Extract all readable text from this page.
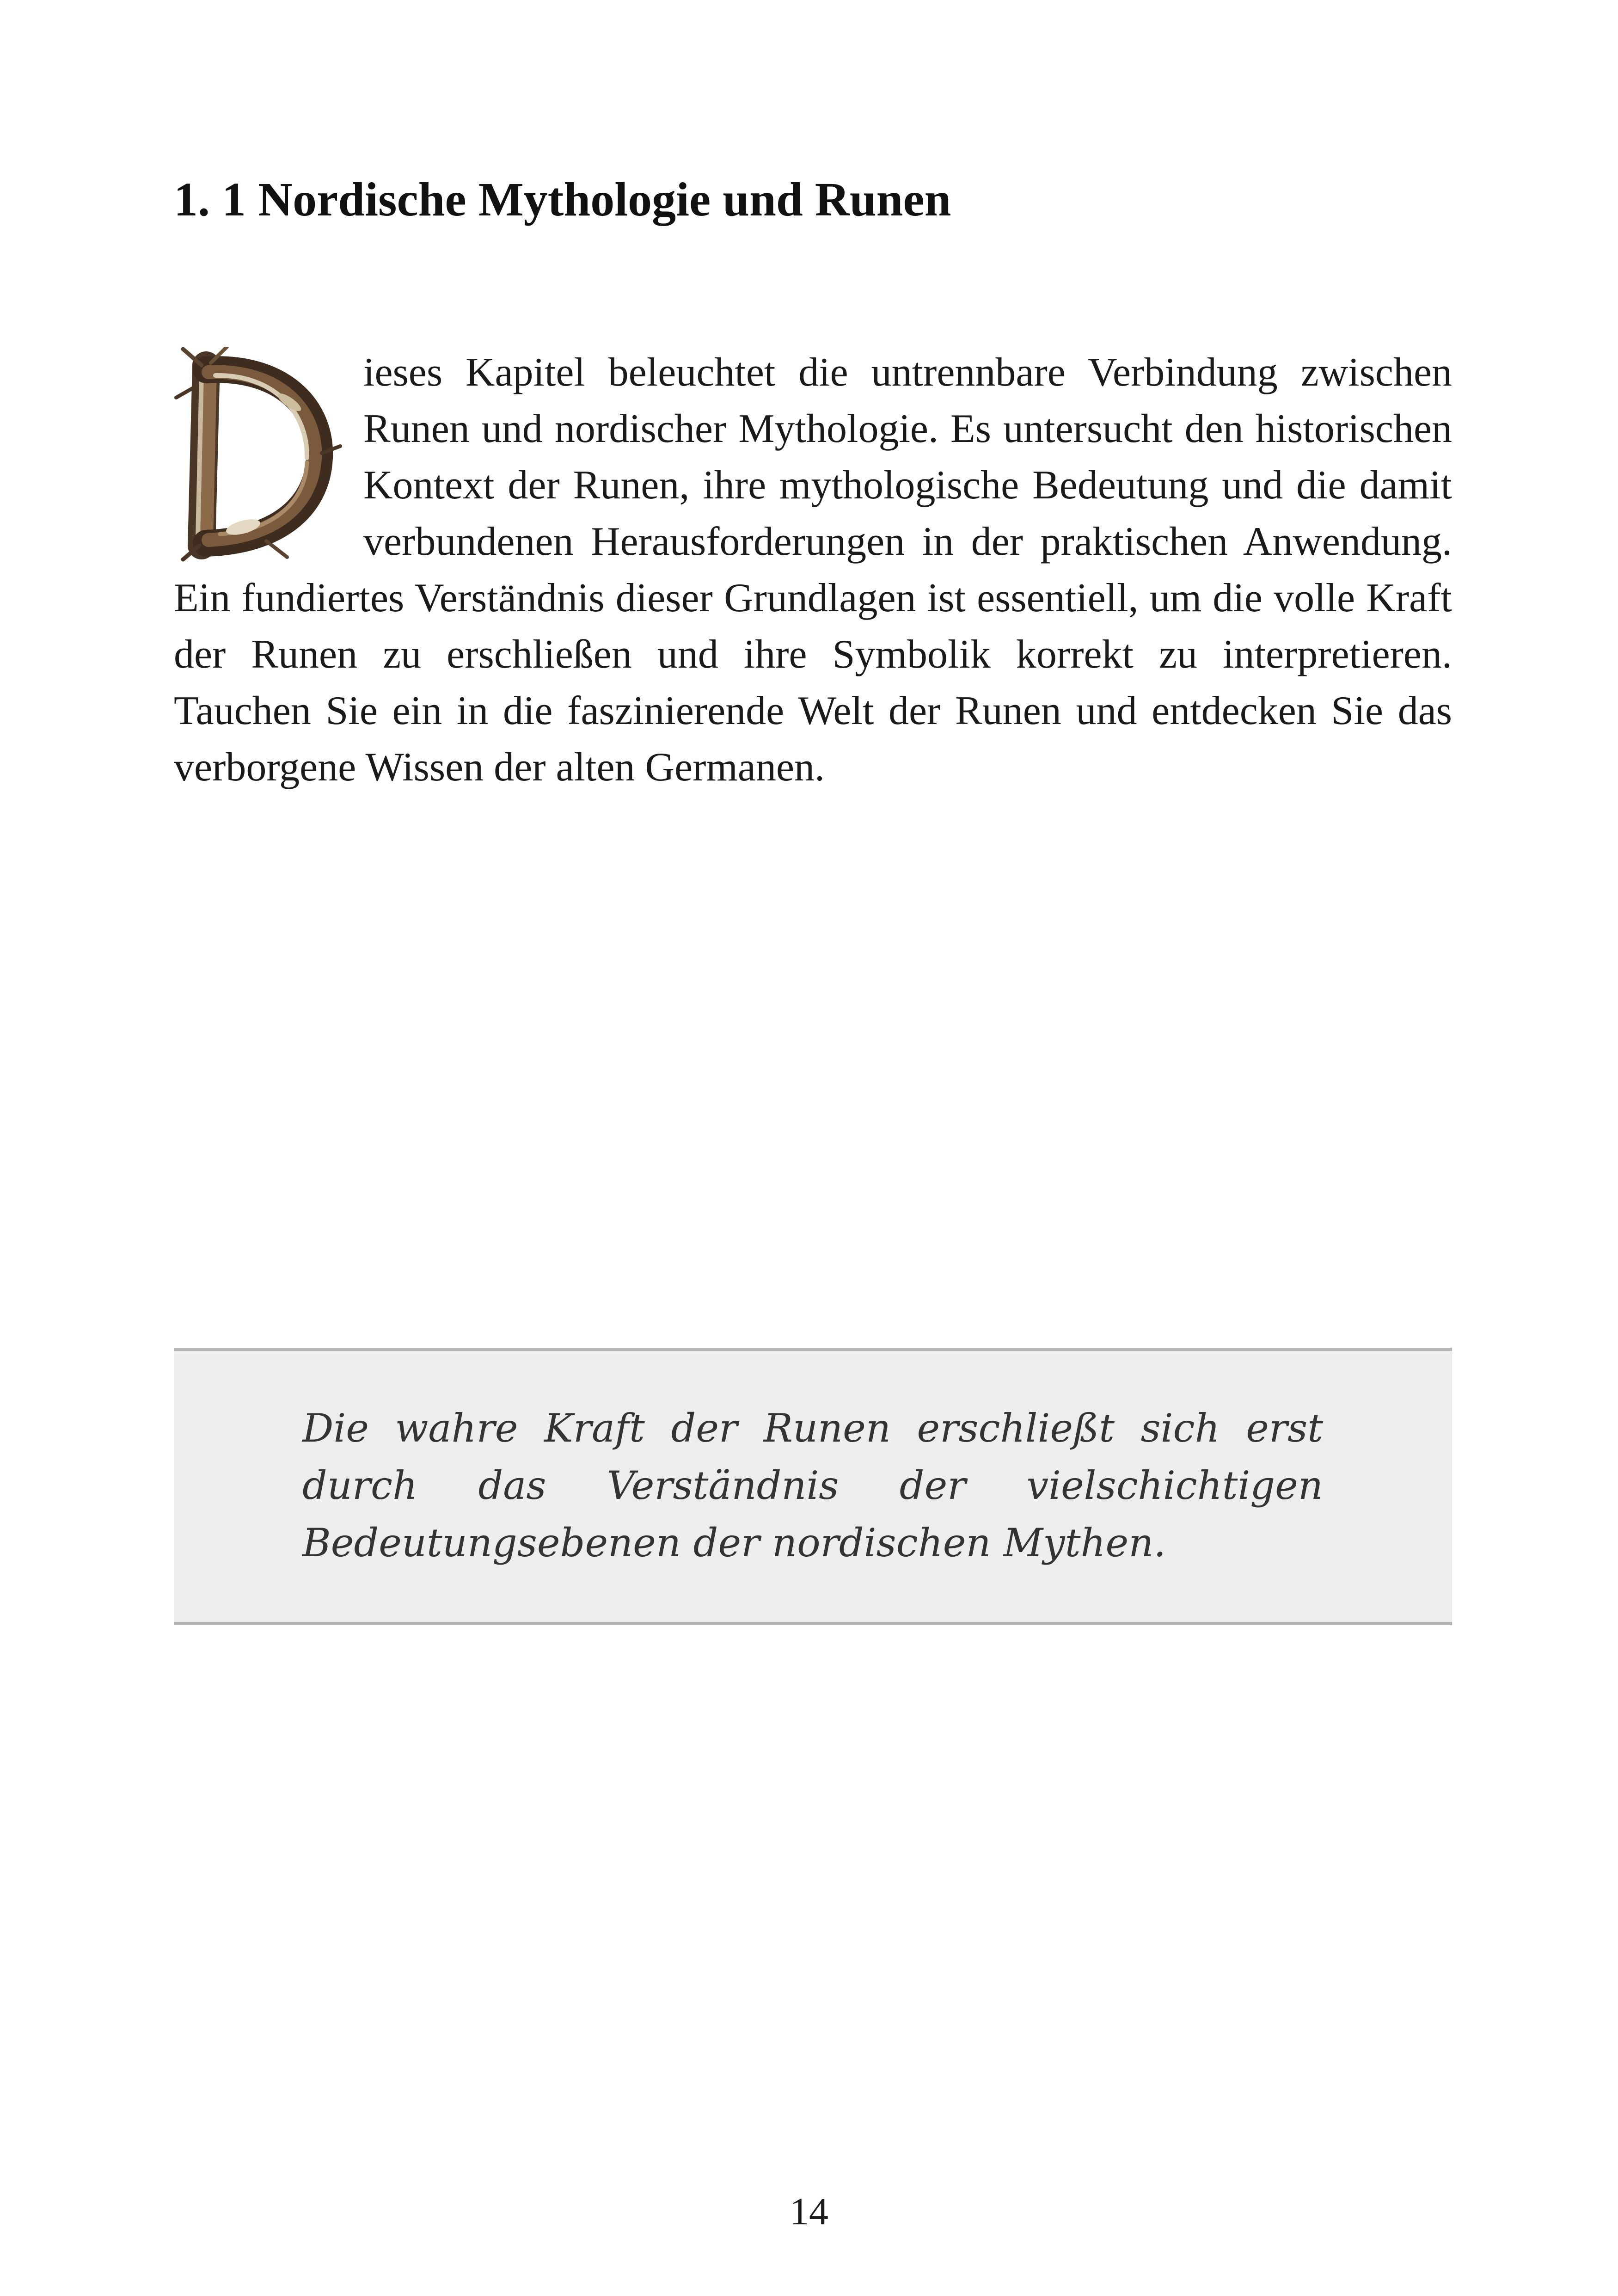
1. 1 Nordische Mythologie und Runen

ieses Kapitel beleuchtet die untrennbare Verbindung zwischen Runen und nordischer Mythologie. Es untersucht den historischen Kontext der Runen, ihre mythologische Bedeutung und die damit verbundenen Herausforderungen in der praktischen Anwendung. Ein fundiertes Verständnis dieser Grundlagen ist essentiell, um die volle Kraft der Runen zu erschließen und ihre Symbolik korrekt zu interpretieren. Tauchen Sie ein in die faszinierende Welt der Runen und entdecken Sie das verborgene Wissen der alten Germanen.

Die wahre Kraft der Runen erschließt sich erst durch das Verständnis der vielschichtigen Bedeutungsebenen der nordischen Mythen.

14
